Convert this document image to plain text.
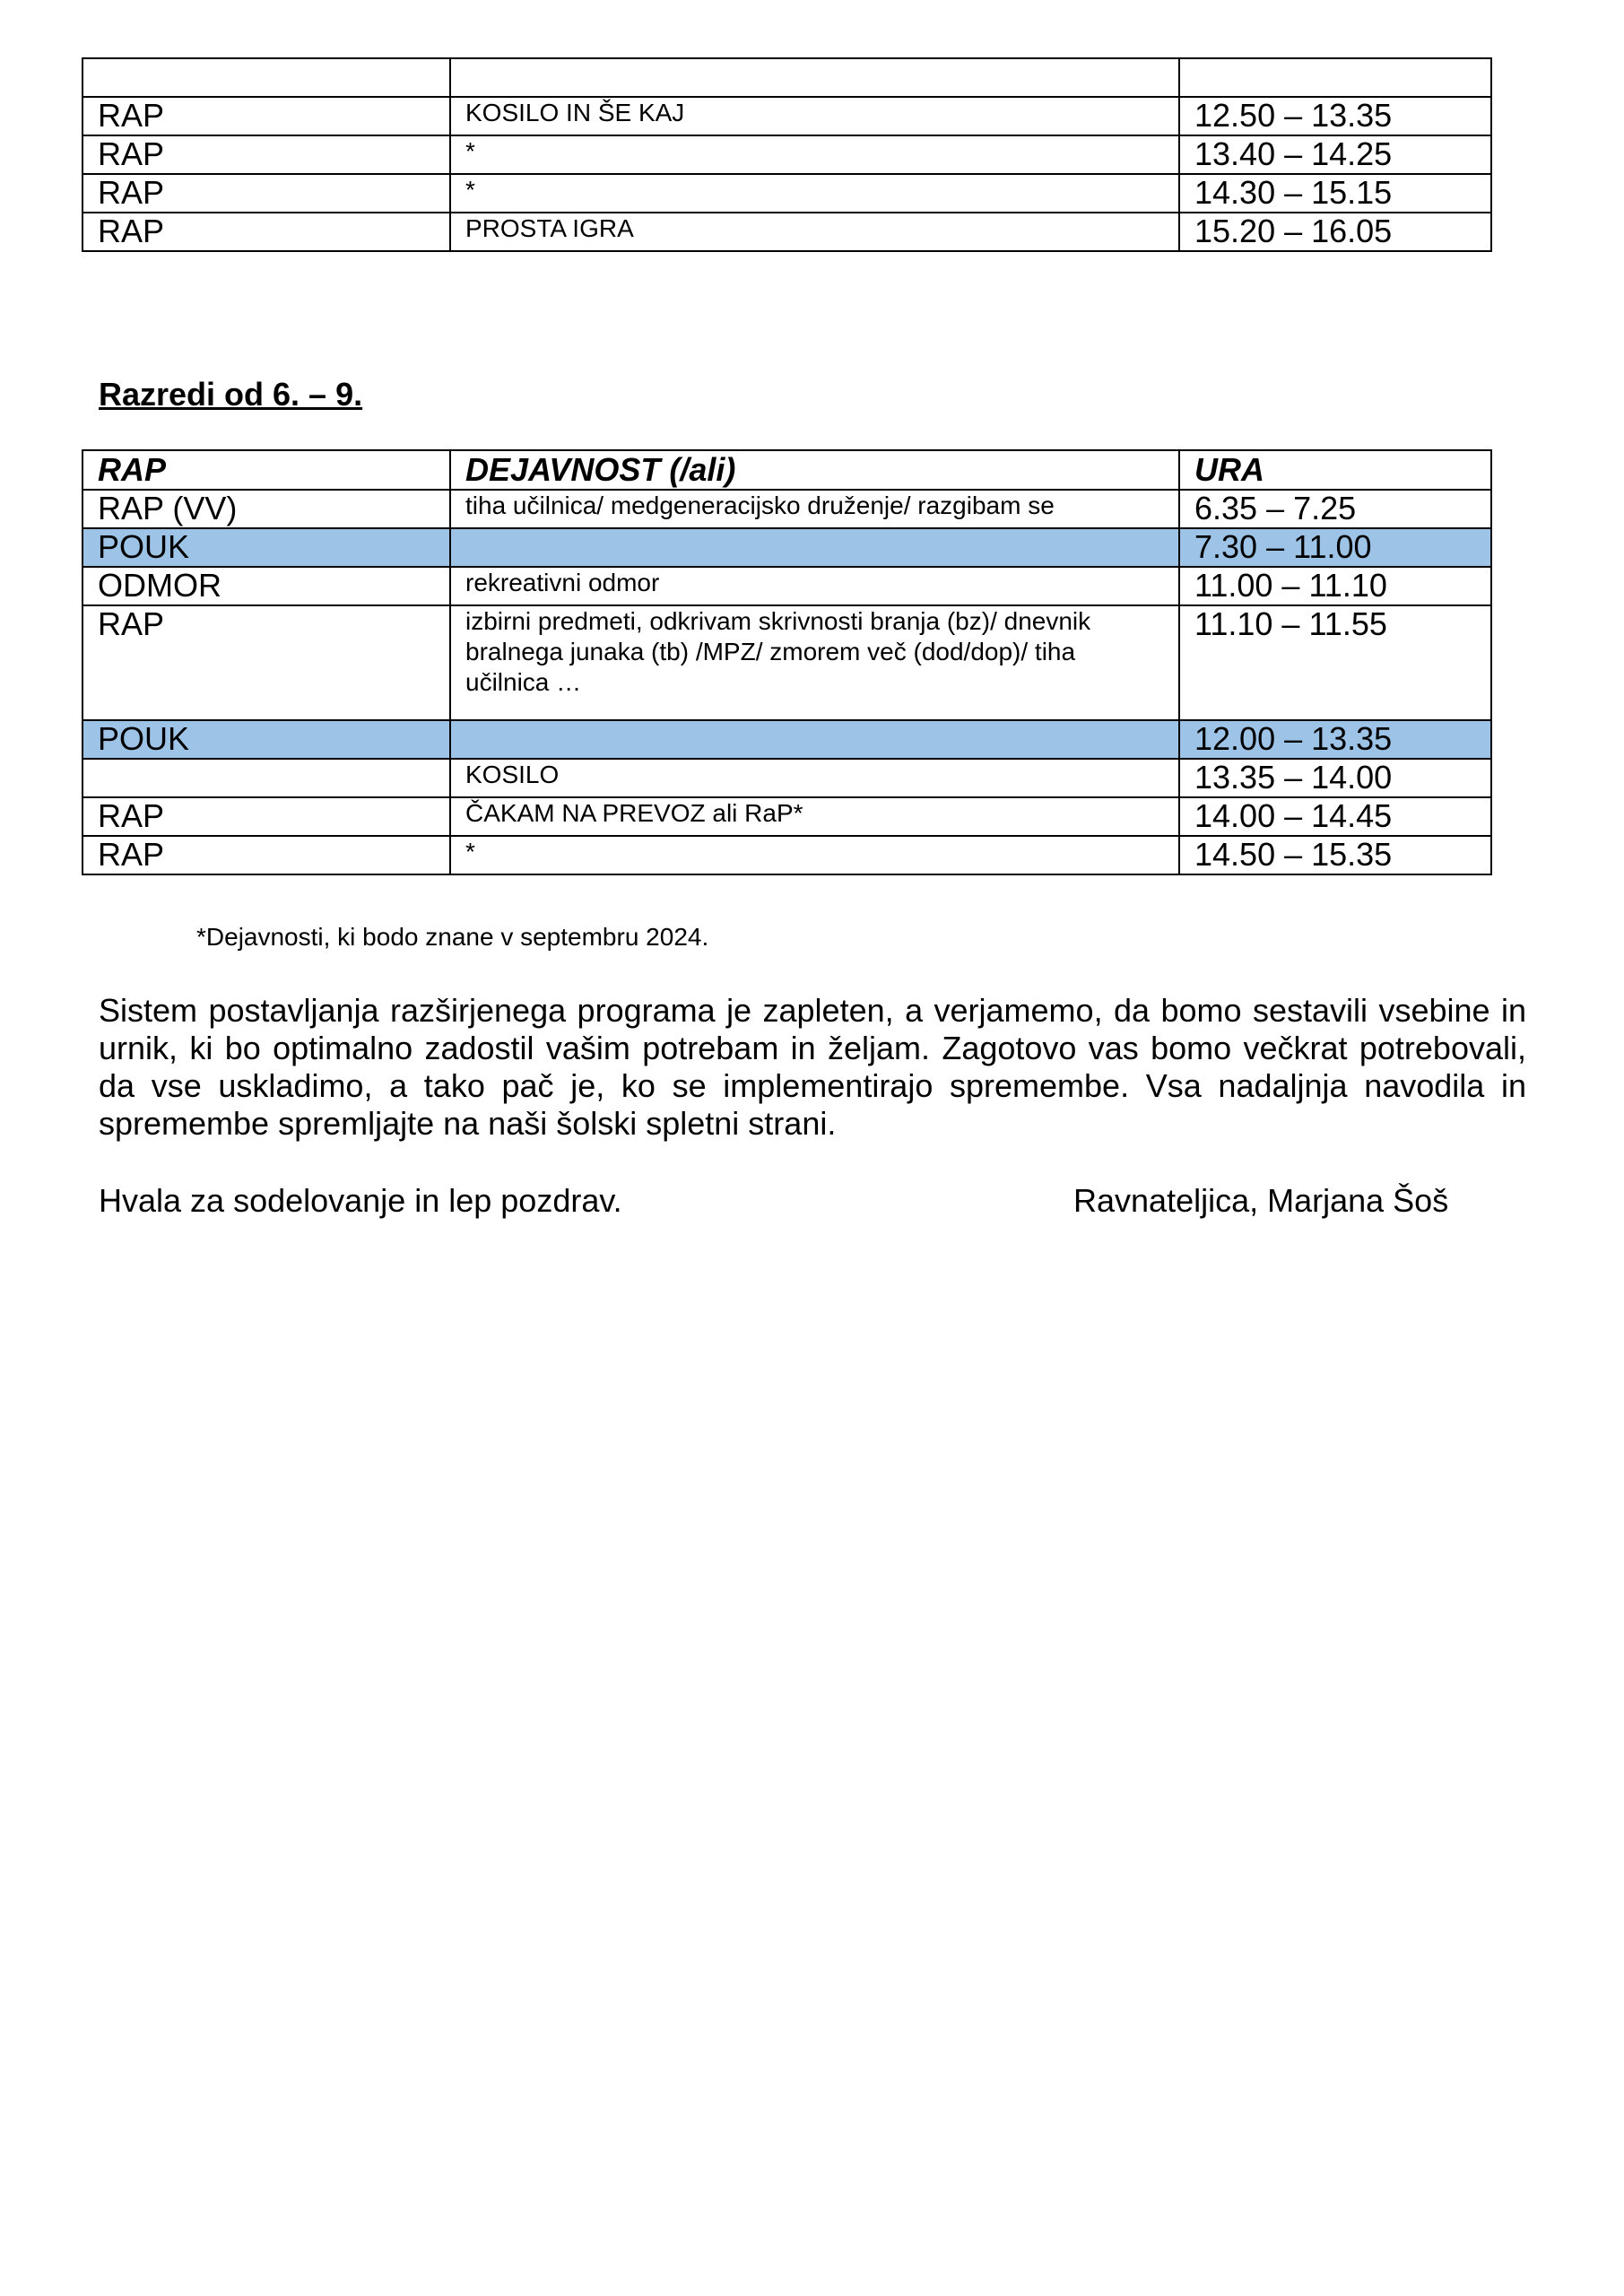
RAP	KOSILO IN ŠE KAJ	12.50 – 13.35
RAP	*	13.40 – 14.25
RAP	*	14.30 – 15.15
RAP	PROSTA IGRA	15.20 – 16.05
Razredi od 6. – 9.
RAP	DEJAVNOST (/ali)	URA
RAP (VV)	tiha učilnica/ medgeneracijsko druženje/ razgibam se	6.35 – 7.25
POUK		7.30 – 11.00
ODMOR	rekreativni odmor	11.00 – 11.10
RAP	izbirni predmeti, odkrivam skrivnosti branja (bz)/ dnevnik bralnega junaka (tb) /MPZ/ zmorem več (dod/dop)/ tiha učilnica …	11.10 – 11.55
POUK		12.00 – 13.35
	KOSILO	13.35 – 14.00
RAP	ČAKAM NA PREVOZ ali RaP*	14.00 – 14.45
RAP	*	14.50 – 15.35
*Dejavnosti, ki bodo znane v septembru 2024.

Sistem postavljanja razširjenega programa je zapleten, a verjamemo, da bomo sestavili vsebine in urnik, ki bo optimalno zadostil vašim potrebam in željam. Zagotovo vas bomo večkrat potrebovali, da vse uskladimo, a tako pač je, ko se implementirajo spremembe. Vsa nadaljnja navodila in spremembe spremljajte na naši šolski spletni strani.

Hvala za sodelovanje in lep pozdrav.	Ravnateljica, Marjana Šoš
